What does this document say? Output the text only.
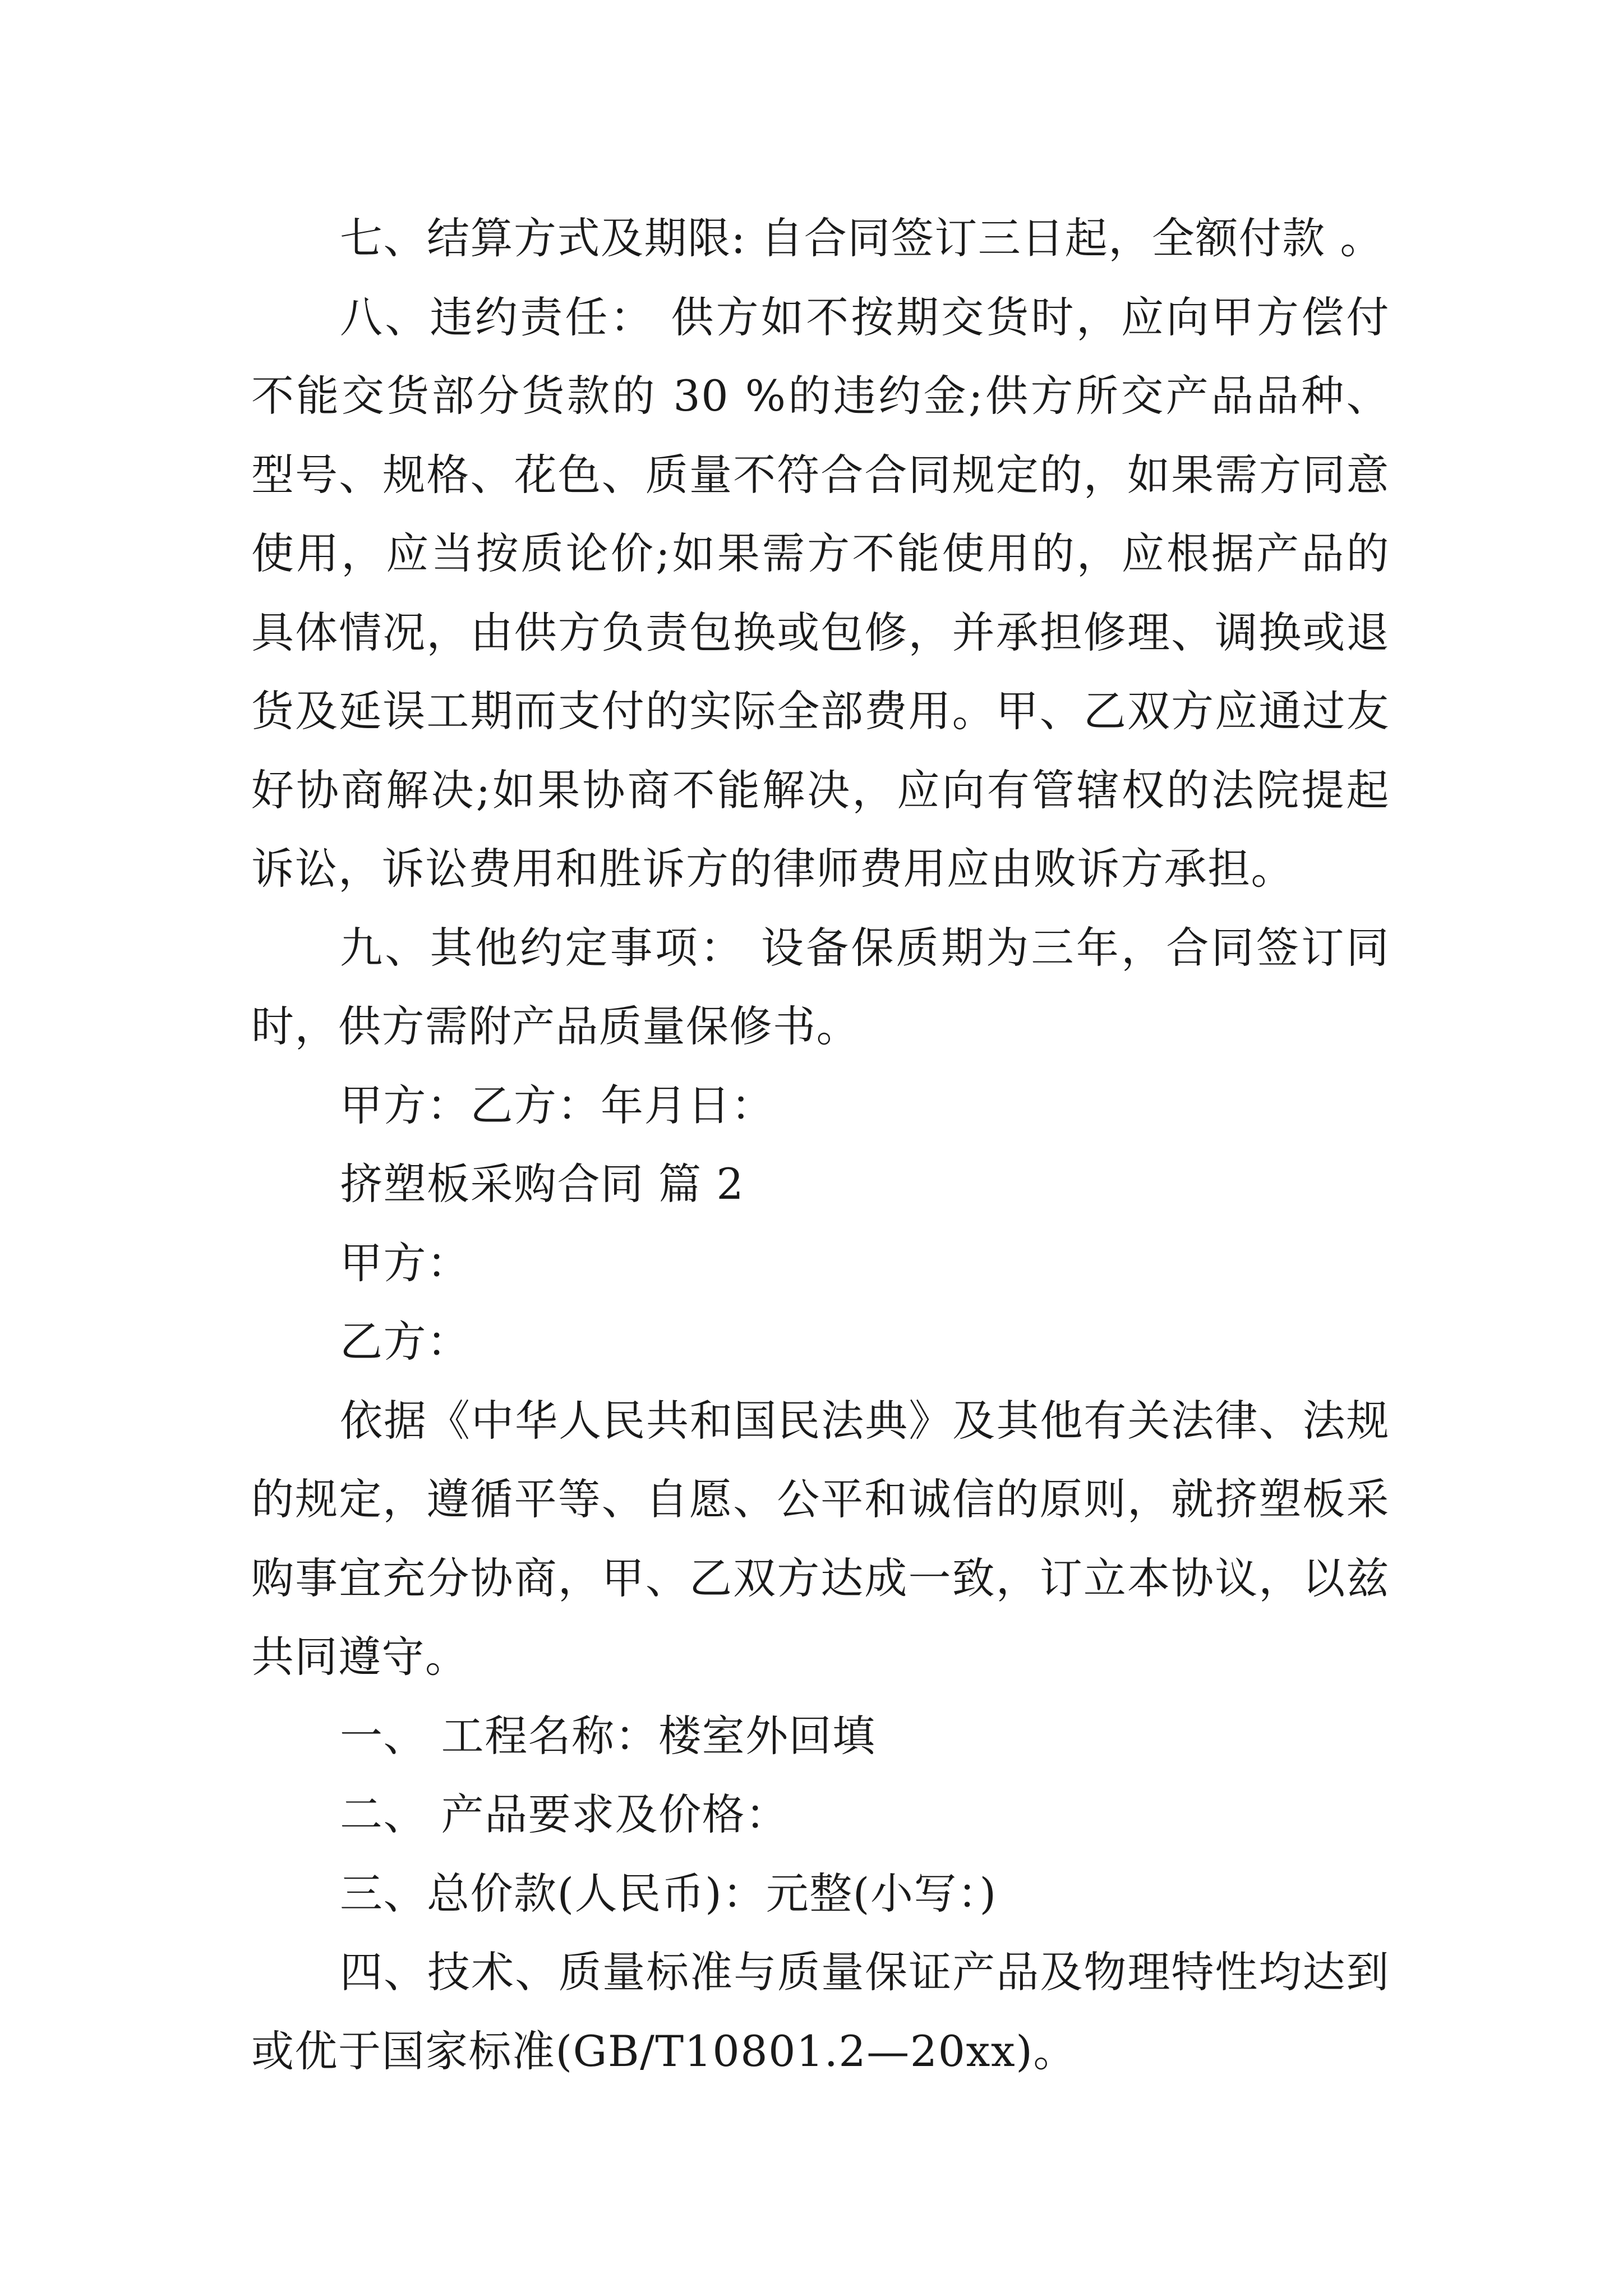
七、结算方式及期限: 自合同签订三日起，全额付款 。

八、违约责任： 供方如不按期交货时，应向甲方偿付不能交货部分货款的 30 %的违约金;供方所交产品品种、型号、规格、花色、质量不符合合同规定的，如果需方同意使用，应当按质论价;如果需方不能使用的，应根据产品的具体情况，由供方负责包换或包修，并承担修理、调换或退货及延误工期而支付的实际全部费用。甲、乙双方应通过友好协商解决;如果协商不能解决，应向有管辖权的法院提起诉讼，诉讼费用和胜诉方的律师费用应由败诉方承担。

九、其他约定事项： 设备保质期为三年，合同签订同时，供方需附产品质量保修书。

甲方：乙方：年月日：

挤塑板采购合同 篇 2

甲方：

乙方：

依据《中华人民共和国民法典》及其他有关法律、法规的规定，遵循平等、自愿、公平和诚信的原则，就挤塑板采购事宜充分协商，甲、乙双方达成一致，订立本协议，以兹共同遵守。

一、 工程名称：楼室外回填

二、 产品要求及价格：

三、总价款(人民币)：元整(小写：)

四、技术、质量标准与质量保证产品及物理特性均达到或优于国家标准(GB/T10801.2—20xx)。
